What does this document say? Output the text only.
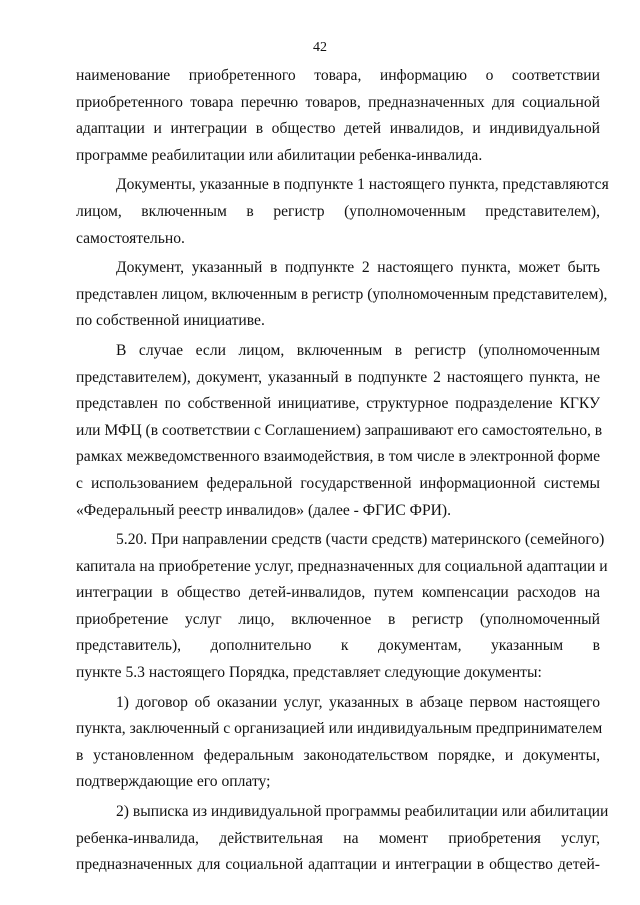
42
наименование приобретенного товара, информацию о соответствии
приобретенного товара перечню товаров, предназначенных для социальной
адаптации и интеграции в общество детей инвалидов, и индивидуальной
программе реабилитации или абилитации ребенка-инвалида.
Документы, указанные в подпункте 1 настоящего пункта, представляются
лицом, включенным в регистр (уполномоченным представителем),
самостоятельно.
Документ, указанный в подпункте 2 настоящего пункта, может быть
представлен лицом, включенным в регистр (уполномоченным представителем),
по собственной инициативе.
В случае если лицом, включенным в регистр (уполномоченным
представителем), документ, указанный в подпункте 2 настоящего пункта, не
представлен по собственной инициативе, структурное подразделение КГКУ
или МФЦ (в соответствии с Соглашением) запрашивают его самостоятельно, в
рамках межведомственного взаимодействия, в том числе в электронной форме
с использованием федеральной государственной информационной системы
«Федеральный реестр инвалидов» (далее - ФГИС ФРИ).
5.20. При направлении средств (части средств) материнского (семейного)
капитала на приобретение услуг, предназначенных для социальной адаптации и
интеграции в общество детей-инвалидов, путем компенсации расходов на
приобретение услуг лицо, включенное в регистр (уполномоченный
представитель), дополнительно к документам, указанным в
пункте 5.3 настоящего Порядка, представляет следующие документы:
1) договор об оказании услуг, указанных в абзаце первом настоящего
пункта, заключенный с организацией или индивидуальным предпринимателем
в установленном федеральным законодательством порядке, и документы,
подтверждающие его оплату;
2) выписка из индивидуальной программы реабилитации или абилитации
ребенка-инвалида, действительная на момент приобретения услуг,
предназначенных для социальной адаптации и интеграции в общество детей-
